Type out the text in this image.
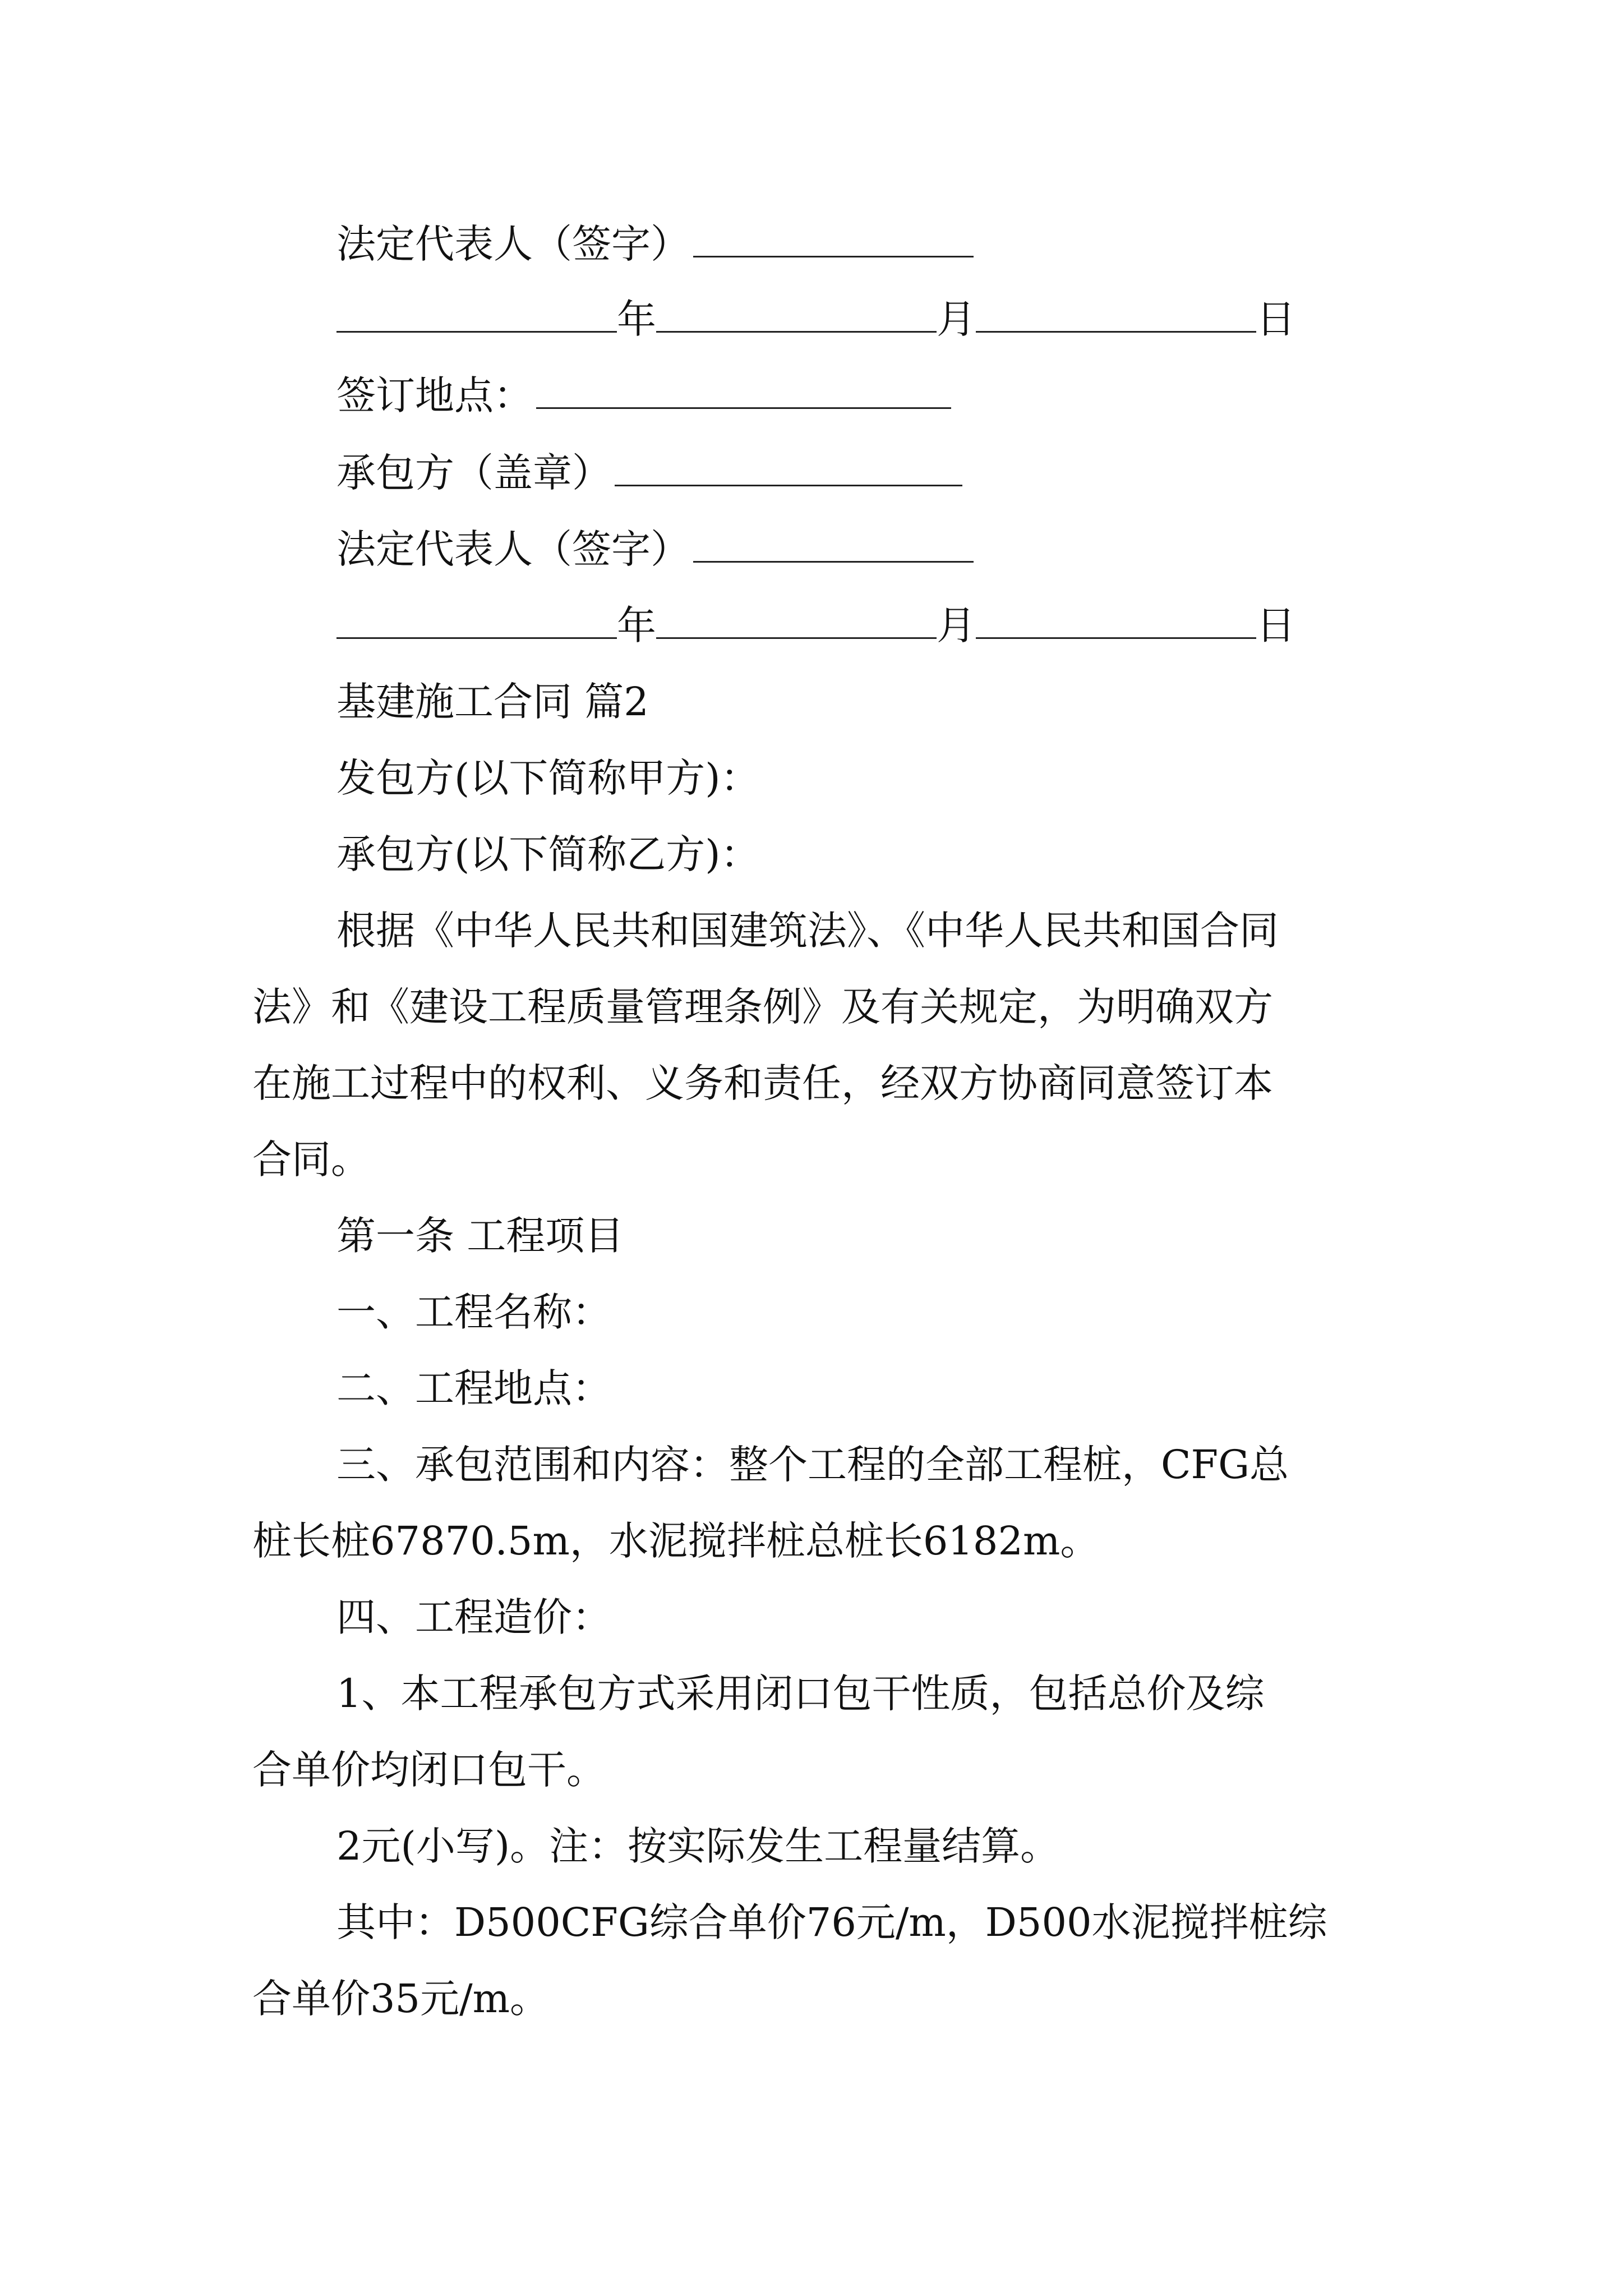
法定代表人（签字）
年	月	日
签订地点：
承包方（盖章）
法定代表人（签字）
年	月	日
基建施工合同 篇2
发包方(以下简称甲方)：
承包方(以下简称乙方)：
根据《中华人民共和国建筑法》、《中华人民共和国合同
法》和《建设工程质量管理条例》及有关规定，为明确双方
在施工过程中的权利、义务和责任，经双方协商同意签订本
合同。
第一条 工程项目
一、工程名称：
二、工程地点：
三、承包范围和内容：整个工程的全部工程桩，CFG总
桩长桩67870.5m，水泥搅拌桩总桩长6182m。
四、工程造价：
1、本工程承包方式采用闭口包干性质，包括总价及综
合单价均闭口包干。
2元(小写)。注：按实际发生工程量结算。
其中：D500CFG综合单价76元/m，D500水泥搅拌桩综
合单价35元/m。
